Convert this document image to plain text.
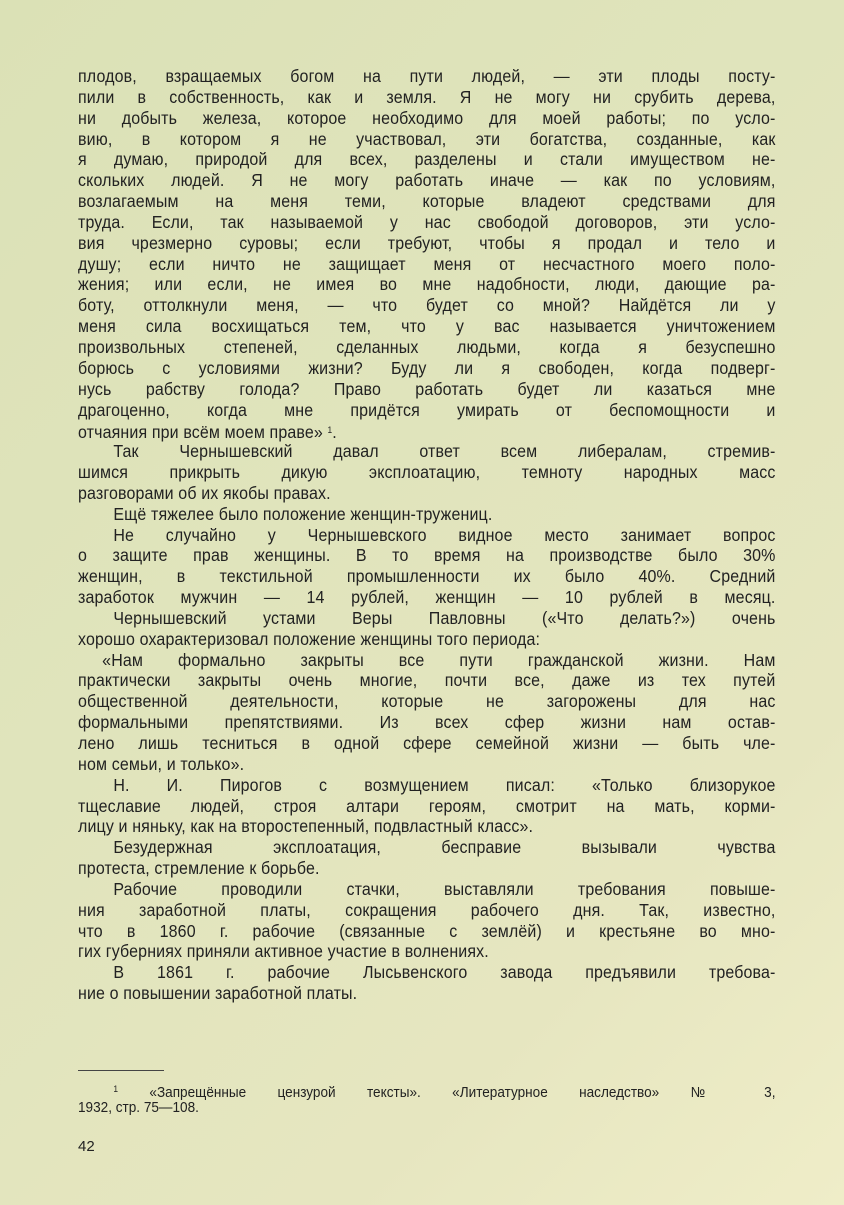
плодов, взращаемых богом на пути людей, — эти плоды посту-
пили в собственность, как и земля. Я не могу ни срубить дерева,
ни добыть железа, которое необходимо для моей работы; по усло-
вию, в котором я не участвовал, эти богатства, созданные, как
я думаю, природой для всех, разделены и стали имуществом не-
скольких людей. Я не могу работать иначе — как по условиям,
возлагаемым на меня теми, которые владеют средствами для
труда. Если, так называемой у нас свободой договоров, эти усло-
вия чрезмерно суровы; если требуют, чтобы я продал и тело и
душу; если ничто не защищает меня от несчастного моего поло-
жения; или если, не имея во мне надобности, люди, дающие ра-
боту, оттолкнули меня, — что будет со мной? Найдётся ли у
меня сила восхищаться тем, что у вас называется уничтожением
произвольных степеней, сделанных людьми, когда я безуспешно
борюсь с условиями жизни? Буду ли я свободен, когда подверг-
нусь рабству голода? Право работать будет ли казаться мне
драгоценно, когда мне придётся умирать от беспомощности и
отчаяния при всём моем праве» $^1$.
Так Чернышевский давал ответ всем либералам, стремив-
шимся прикрыть дикую эксплоатацию, темноту народных масс
разговорами об их якобы правах.
Ещё тяжелее было положение женщин-тружениц.
Не случайно у Чернышевского видное место занимает вопрос
о защите прав женщины. В то время на производстве было 30%
женщин, в текстильной промышленности их было 40%. Средний
заработок мужчин — 14 рублей, женщин — 10 рублей в месяц.
Чернышевский устами Веры Павловны («Что делать?») очень
хорошо охарактеризовал положение женщины того периода:
«Нам формально закрыты все пути гражданской жизни. Нам
практически закрыты очень многие, почти все, даже из тех путей
общественной деятельности, которые не загорожены для нас
формальными препятствиями. Из всех сфер жизни нам остав-
лено лишь тесниться в одной сфере семейной жизни — быть чле-
ном семьи, и только».
Н. И. Пирогов с возмущением писал: «Только близорукое
тщеславие людей, строя алтари героям, смотрит на мать, корми-
лицу и няньку, как на второстепенный, подвластный класс».
Безудержная эксплоатация, бесправие вызывали чувства
протеста, стремление к борьбе.
Рабочие проводили стачки, выставляли требования повыше-
ния заработной платы, сокращения рабочего дня. Так, известно,
что в 1860 г. рабочие (связанные с землёй) и крестьяне во мно-
гих губерниях приняли активное участие в волнениях.
В 1861 г. рабочие Лысьвенского завода предъявили требова-
ние о повышении заработной платы.
$^1$ «Запрещённые цензурой тексты». «Литературное наследство» № 3,
1932, стр. 75—108.
42
